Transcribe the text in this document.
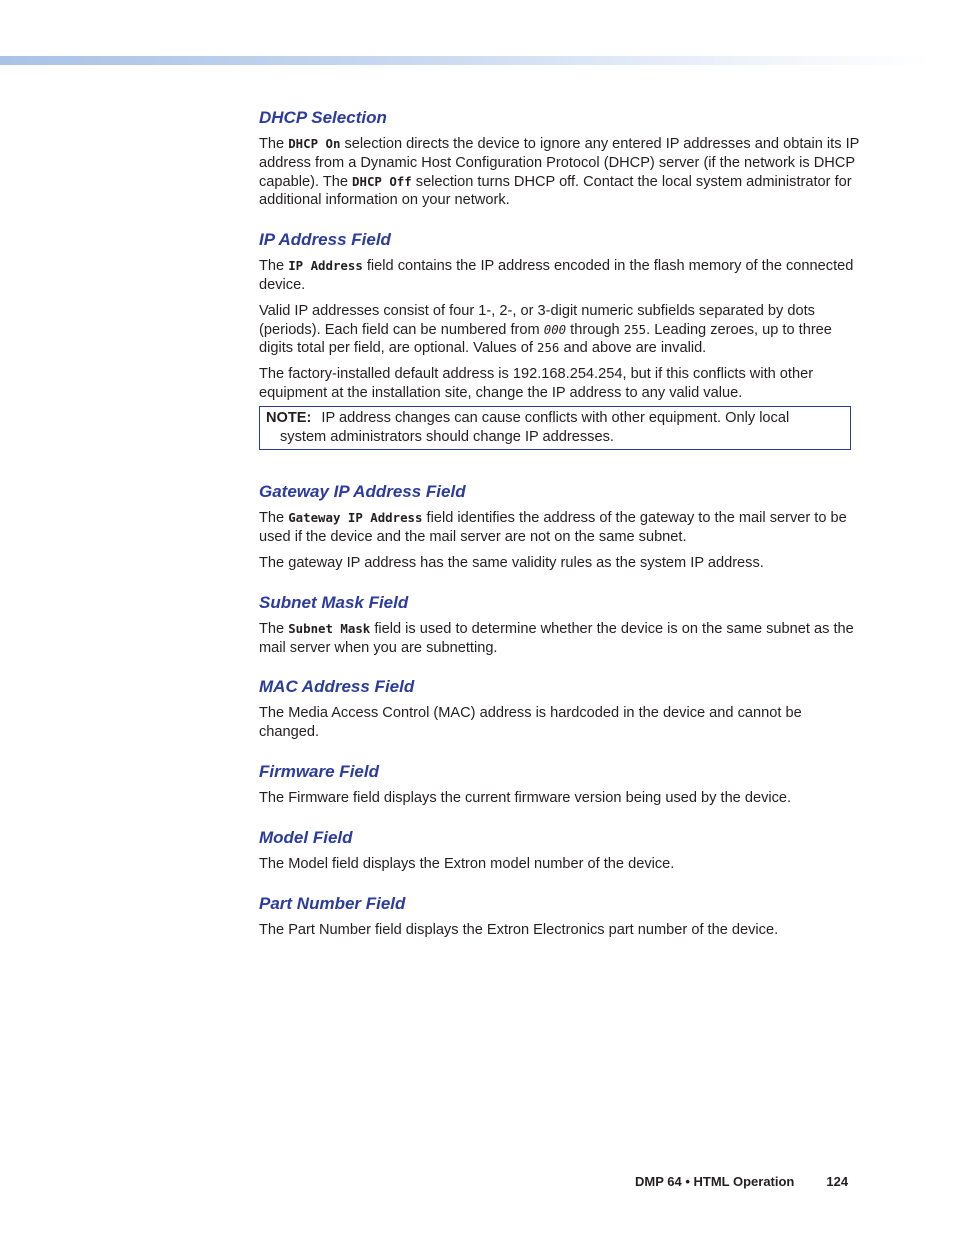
DHCP Selection

The DHCP On selection directs the device to ignore any entered IP addresses and obtain its IP address from a Dynamic Host Configuration Protocol (DHCP) server (if the network is DHCP capable). The DHCP Off selection turns DHCP off. Contact the local system administrator for additional information on your network.

IP Address Field

The IP Address field contains the IP address encoded in the flash memory of the connected device.

Valid IP addresses consist of four 1-, 2-, or 3-digit numeric subfields separated by dots (periods). Each field can be numbered from 000 through 255. Leading zeroes, up to three digits total per field, are optional. Values of 256 and above are invalid.

The factory-installed default address is 192.168.254.254, but if this conflicts with other equipment at the installation site, change the IP address to any valid value.

NOTE: IP address changes can cause conflicts with other equipment. Only local
system administrators should change IP addresses.
Gateway IP Address Field

The Gateway IP Address field identifies the address of the gateway to the mail server to be used if the device and the mail server are not on the same subnet.

The gateway IP address has the same validity rules as the system IP address.

Subnet Mask Field

The Subnet Mask field is used to determine whether the device is on the same subnet as the mail server when you are subnetting.

MAC Address Field

The Media Access Control (MAC) address is hardcoded in the device and cannot be changed.

Firmware Field

The Firmware field displays the current firmware version being used by the device.

Model Field

The Model field displays the Extron model number of the device.

Part Number Field

The Part Number field displays the Extron Electronics part number of the device.

DMP 64 • HTML Operation 124
